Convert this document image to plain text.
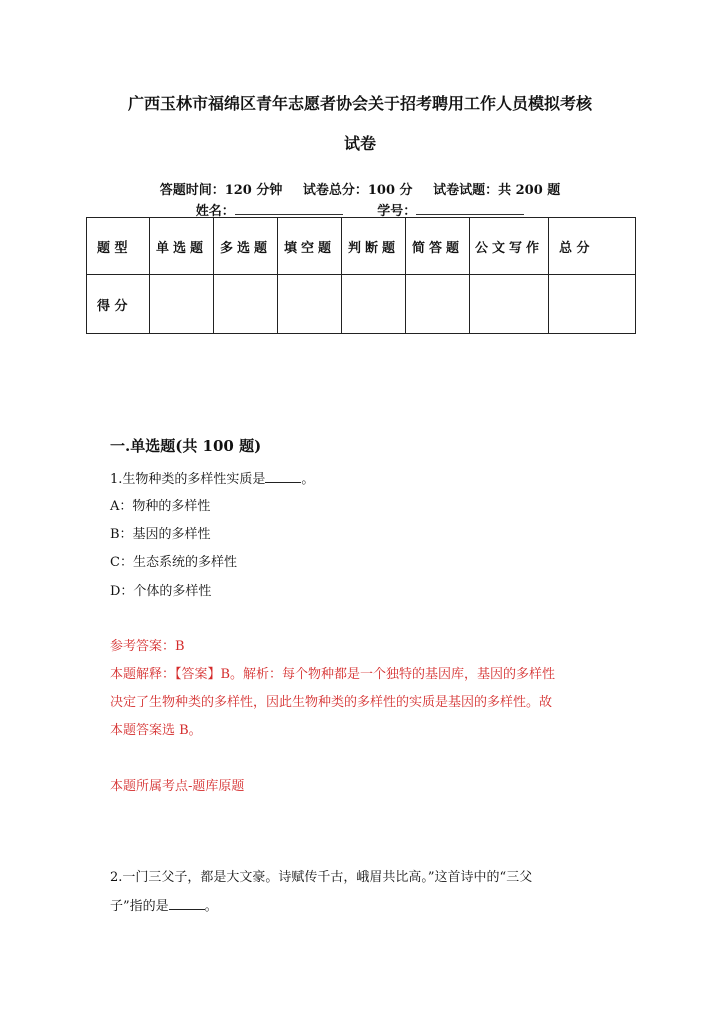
广西玉林市福绵区青年志愿者协会关于招考聘用工作人员模拟考核
试卷
答题时间：120 分钟 试卷总分：100 分 试卷试题：共 200 题
姓名：	学号：
题 型	单选题	多选题	填空题	判断题	简答题	公文写作	总 分

得 分							

一.单选题(共 100 题)
1.生物种类的多样性实质是	。
A：物种的多样性
B：基因的多样性
C：生态系统的多样性
D：个体的多样性
参考答案：B
本题解释：【答案】B。解析：每个物种都是一个独特的基因库，基因的多样性
决定了生物种类的多样性，因此生物种类的多样性的实质是基因的多样性。故
本题答案选 B。
本题所属考点-题库原题
2.一门三父子，都是大文豪。诗赋传千古，峨眉共比高。”这首诗中的“三父
子”指的是	。
